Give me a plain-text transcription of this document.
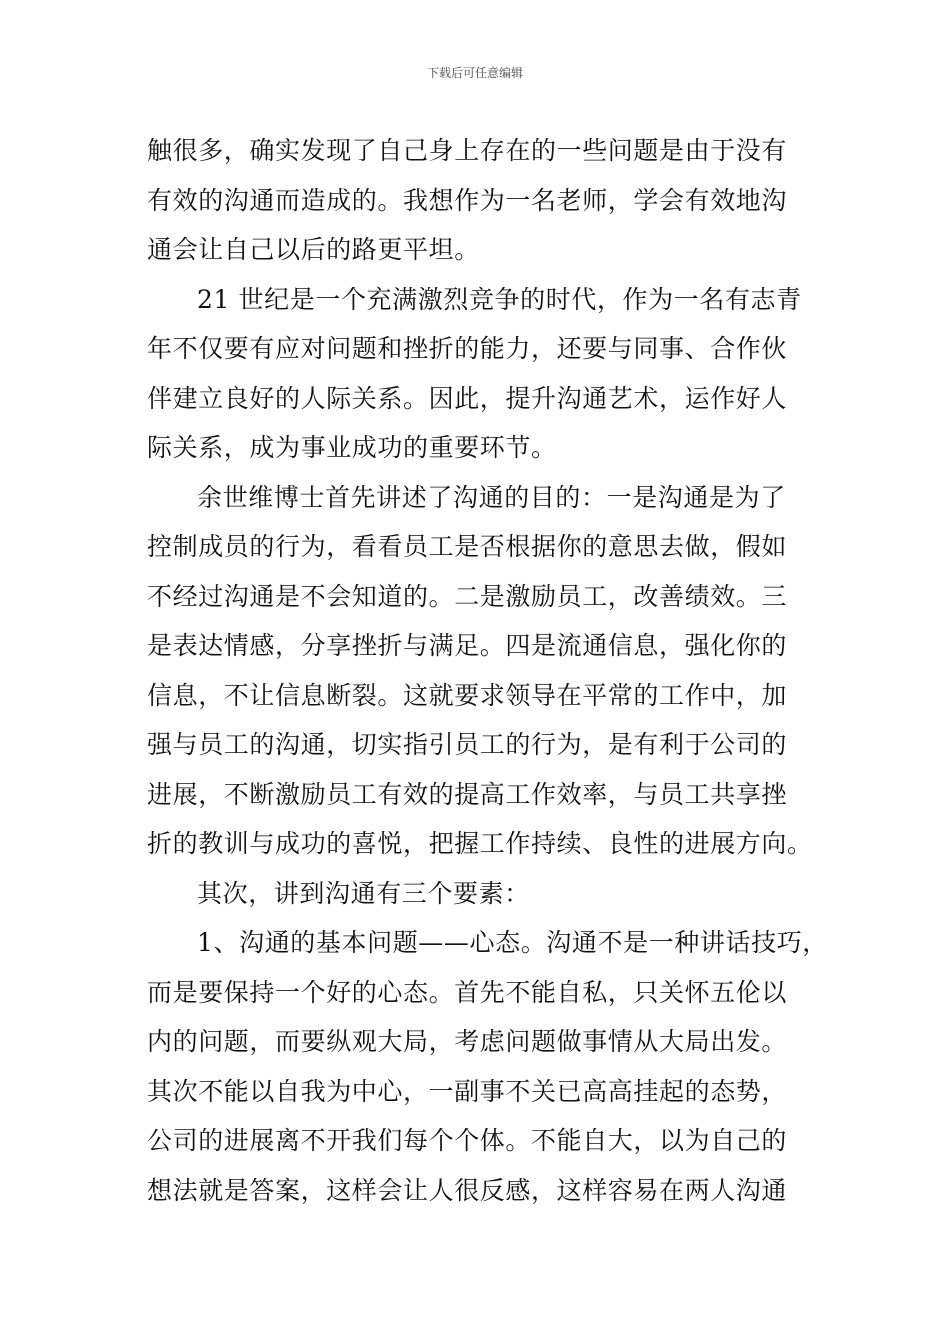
下载后可任意编辑
触很多，确实发现了自己身上存在的一些问题是由于没有
有效的沟通而造成的。我想作为一名老师，学会有效地沟
通会让自己以后的路更平坦。
21 世纪是一个充满激烈竞争的时代，作为一名有志青
年不仅要有应对问题和挫折的能力，还要与同事、合作伙
伴建立良好的人际关系。因此，提升沟通艺术，运作好人
际关系，成为事业成功的重要环节。
余世维博士首先讲述了沟通的目的：一是沟通是为了
控制成员的行为，看看员工是否根据你的意思去做，假如
不经过沟通是不会知道的。二是激励员工，改善绩效。三
是表达情感，分享挫折与满足。四是流通信息，强化你的
信息，不让信息断裂。这就要求领导在平常的工作中，加
强与员工的沟通，切实指引员工的行为，是有利于公司的
进展，不断激励员工有效的提高工作效率，与员工共享挫
折的教训与成功的喜悦，把握工作持续、良性的进展方向。
其次，讲到沟通有三个要素：
1、沟通的基本问题——心态。沟通不是一种讲话技巧，
而是要保持一个好的心态。首先不能自私，只关怀五伦以
内的问题，而要纵观大局，考虑问题做事情从大局出发。
其次不能以自我为中心，一副事不关已高高挂起的态势，
公司的进展离不开我们每个个体。不能自大，以为自己的
想法就是答案，这样会让人很反感，这样容易在两人沟通
